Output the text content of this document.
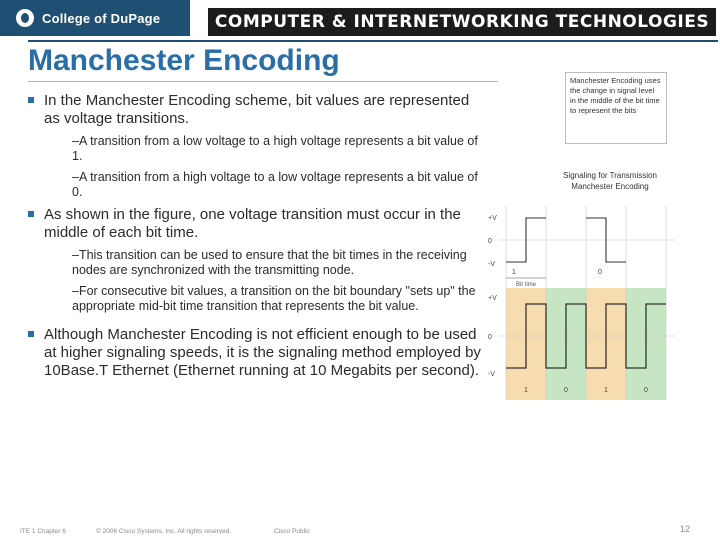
College of DuPage	COMPUTER & INTERNETWORKING TECHNOLOGIES
Manchester Encoding
In the Manchester Encoding scheme, bit values are represented as voltage transitions.
–A transition from a low voltage to a high voltage represents a bit value of 1.
–A transition from a high voltage to a low voltage represents a bit value of 0.
As shown in the figure, one voltage transition must occur in the middle of each bit time.
–This transition can be used to ensure that the bit times in the receiving nodes are synchronized with the transmitting node.
–For consecutive bit values, a transition on the bit boundary "sets up" the appropriate mid-bit time transition that represents the bit value.
Although Manchester Encoding is not efficient enough to be used at higher signaling speeds, it is the signaling method employed by 10Base.T Ethernet (Ethernet running at 10 Megabits per second).
Manchester Encoding uses the change in signal level in the middle of the bit time to represent the bits
Signaling for Transmission
Manchester Encoding
+V
0
-V
1	0
Bit time
+V
0
-V
1	0	1	0
ITE 1 Chapter 6	© 2006 Cisco Systems, Inc. All rights reserved.	Cisco Public	12
